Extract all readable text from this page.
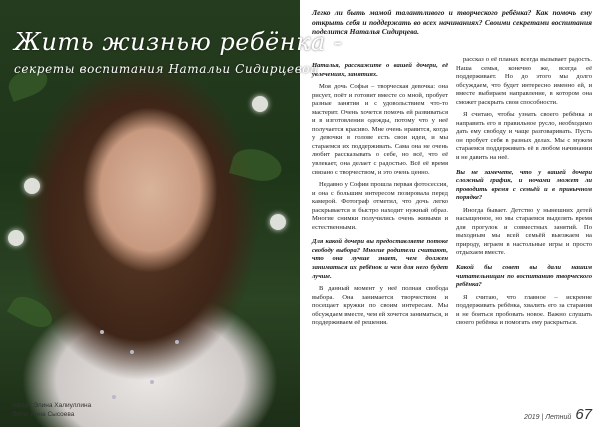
Жить жизнью ребёнка -
секреты воспитания Натальи Сидирцевой
Автор: Элина Халиуллина
Фото: Анна Сысоева
Легко ли быть мамой талантливого и творческого ребёнка? Как помочь ему открыть себя и поддержать во всех начинаниях? Своими секретами воспитания поделится Наталья Сидирцева.

Наталья, расскажите о вашей дочери, её увлечениях, занятиях.

Моя дочь Софья – творческая девочка: она рисует, поёт и готовит вместе со мной, пробует разные занятия и с удовольствием что-то мастерит. Очень хочется помочь ей развиваться и в изготовлении одежды, потому что у неё получается красиво. Мне очень нравится, когда у девочки в голове есть свои идеи, и мы стараемся их поддерживать. Сама она не очень любит рассказывать о себе, но всё, что её увлекает, она делает с радостью. Всё её время связано с творчеством, и это очень ценно.

Недавно у Софии прошла первая фотосессия, и она с большим интересом позировала перед камерой. Фотограф отметил, что дочь легко раскрывается и быстро находит нужный образ. Многие снимки получились очень живыми и естественными.

Для какой дочери вы предоставляете потоке свободу выбора? Многие родители считают, что она лучше знает, чем должен заниматься их ребёнок и чем для него будет лучше.

В данный момент у неё полная свобода выбора. Она занимается творчеством и посещает кружки по своим интересам. Мы обсуждаем вместе, чем ей хочется заниматься, и поддерживаем её решения.

рассказ о её планах всегда вызывает радость. Наша семья, конечно же, всегда её поддерживает. Но до этого мы долго обсуждаем, что будет интересно именно ей, и вместе выбираем направление, в котором она сможет раскрыть свои способности.

Я считаю, чтобы узнать своего ребёнка и направить его в правильное русло, необходимо дать ему свободу и чаще разговаривать. Пусть он пробует себя в разных делах. Мы с мужем стараемся поддерживать её в любом начинании и не давить на неё.

Вы не замечете, что у вашей дочери сложный график, и ночами может ли проводить время с семьёй и в привычном порядке?

Иногда бывает. Детство у нынешних детей насыщенное, но мы стараемся выделять время для прогулок и совместных занятий. По выходным мы всей семьёй выезжаем на природу, играем в настольные игры и просто отдыхаем вместе.

Какой бы совет вы дали нашим читательницам по воспитанию творческого ребёнка?

Я считаю, что главное – искренне поддерживать ребёнка, хвалить его за старания и не бояться пробовать новое. Важно слушать своего ребёнка и помогать ему раскрыться.

2019 | Летний 67
